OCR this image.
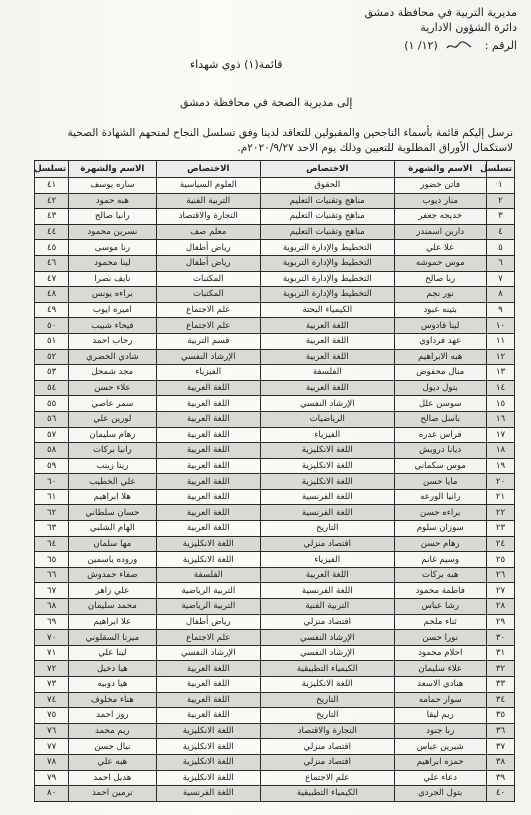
مديرية التربية في محافظة دمشق
دائرة الشؤون الادارية
الرقم :  (١٢/ ١)
قائمة(١) ذوي شهداء
إلى مديرية الصحة في محافظة دمشق
نرسل إليكم قائمة بأسماء الناجحين والمقبولين للتعاقد لدينا وفق تسلسل النجاح لمنحهم الشهادة الصحية
لاستكمال الأوراق المطلوبة للتعيين وذلك يوم الاحد ٢٠٢٠/٩/٢٧م.
تسلسل	الاسم والشهرة	الاختصاص
١	فاتن خضور	الحقوق
٢	منار ديوب	مناهج وتقنيات التعليم
٣	خديجه جعفر	مناهج وتقنيات التعليم
٤	داربن اسمندر	مناهج وتقنيات التعليم
٥	علا علي	التخطيط والإدارة التربوية
٦	موس حموشه	التخطيط والإدارة التربوية
٧	ربا صالح	التخطيط والإدارة التربوية
٨	نور نجم	التخطيط والإدارة التربوية
٩	بثينه عبود	الكيمياء البحتة
١٠	لينا قادوس	اللغة العربية
١١	عهد فرداوي	اللغة العربية
١٢	هبه الابراهيم	اللغة العربية
١٣	منال محفوض	الفلسفة
١٤	بتول ديول	اللغة العربية
١٥	سوسن علل	الإرشاد النفسي
١٦	باسل صالح	الرياضيات
١٧	فراس عدره	الفيزياء
١٨	ديانا درويش	اللغة الانكليزية
١٩	موس سكماني	اللغة الانكليزية
٢٠	مايا حسن	اللغة الانكليزية
٢١	رانيا الورعه	اللغة الفرنسية
٢٢	براءه حسن	اللغة الفرنسية
٢٣	سوزان سلوم	التاريخ
٢٤	رهام حسن	اقتصاد منزلي
٢٥	وسيم غانم	الفيزياء
٢٦	هبه بركات	اللغة العربية
٢٧	فاطمة محمود	اللغة الفرنسية
٢٨	رشا عباس	التربية الفنية
٢٩	ثناء ملحم	اقتصاد منزلي
٣٠	نورا حسن	الإرشاد النفسي
٣١	احلام محمود	الإرشاد النفسي
٣٢	علاء سليمان	الكيمياء التطبيقية
٣٣	هنادي الاسعد	اللغة الانكليزية
٣٤	سوار حمامه	التاريخ
٣٥	ريم ليقا	التاريخ
٣٦	ربا جنود	التجارة والاقتصاد
٣٧	شيرين عباس	اقتصاد منزلي
٣٨	حمزه ابراهيم	اقتصاد منزلي
٣٩	دعاء علي	علم الاجتماع
٤٠	بتول الجردي	الكيمياء التطبيقية
الاختصاص	الاسم والشهرة	تسلسل
العلوم السياسية	ساره يوسف	٤١
التربية الفنية	هبه حمود	٤٢
التجارة والاقتصاد	رانيا صالح	٤٣
معلم صف	نسرين محمود	٤٤
رياض أطفال	رنا موسى	٤٥
رياض أطفال	لينا محمود	٤٦
المكتبات	نايف نصرا	٤٧
المكتبات	براءه يونس	٤٨
علم الاجتماع	اميره ايوب	٤٩
علم الاجتماع	فيحاء شبيب	٥٠
قسم التربية	رحاب احمد	٥١
الإرشاد النفسي	شادي الخضري	٥٢
الفيزياء	مجد شمحل	٥٣
اللغة العربية	علاء حسن	٥٤
اللغة العربية	سمر عاصي	٥٥
اللغة العربية	لورين علي	٥٦
اللغة العربية	رهام سليمان	٥٧
اللغة العربية	رانيا بركات	٥٨
اللغة العربية	رينا زينب	٥٩
اللغة العربية	علي الخطيب	٦٠
اللغة العربية	هلا ابراهيم	٦١
اللغة العربية	حسان سلطاني	٦٢
اللغة العربية	الهام الشلبي	٦٣
اللغة الانكليزية	مها سلمان	٦٤
اللغة الانكليزية	وروده ياسمين	٦٥
الفلسفة	صفاء حمدوش	٦٦
التربية الرياضية	علي زاهر	٦٧
التربية الرياضية	محمد سليمان	٦٨
رياض أطفال	علا ابراهيم	٦٩
علم الاجتماع	ميرنا السقلوني	٧٠
الإرشاد النفسي	لينا علي	٧١
اللغة العربية	هيا دخيل	٧٢
اللغة العربية	هيا دوبيه	٧٣
اللغة العربية	هناء مخلوف	٧٤
اللغة العربية	روز احمد	٧٥
اللغة الانكليزية	ريم محمد	٧٦
اللغة الانكليزية	نيال حسن	٧٧
اللغة الانكليزية	هبه علي	٧٨
اللغة الانكليزية	هديل احمد	٧٩
اللغة الفرنسية	نرمين احمد	٨٠
